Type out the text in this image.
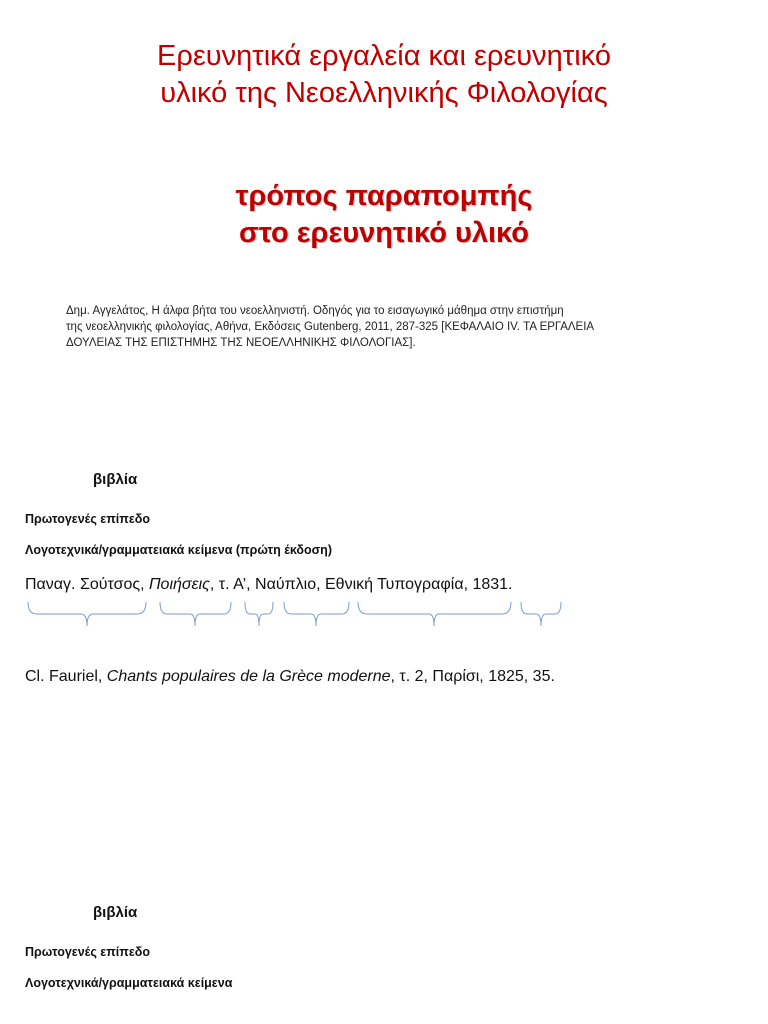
Ερευνητικά εργαλεία και ερευνητικό
υλικό της Νεοελληνικής Φιλολογίας
τρόπος παραπομπής
στο ερευνητικό υλικό
Δημ. Αγγελάτος, Η άλφα βήτα του νεοελληνιστή. Οδηγός για το εισαγωγικό μάθημα στην επιστήμη
της νεοελληνικής φιλολογίας, Αθήνα, Εκδόσεις Gutenberg, 2011, 287-325 [ΚΕΦΑΛΑΙΟ IV. ΤΑ ΕΡΓΑΛΕΙΑ
ΔΟΥΛΕΙΑΣ ΤΗΣ ΕΠΙΣΤΗΜΗΣ ΤΗΣ ΝΕΟΕΛΛΗΝΙΚΗΣ ΦΙΛΟΛΟΓΙΑΣ].
βιβλία
Πρωτογενές επίπεδο
Λογοτεχνικά/γραμματειακά κείμενα (πρώτη έκδοση)
Παναγ. Σούτσος, Ποιήσεις, τ. Α’, Ναύπλιο, Εθνική Τυπογραφία, 1831.
Cl. Fauriel, Chants populaires de la Grèce moderne, τ. 2, Παρίσι, 1825, 35.
βιβλία
Πρωτογενές επίπεδο
Λογοτεχνικά/γραμματειακά κείμενα
